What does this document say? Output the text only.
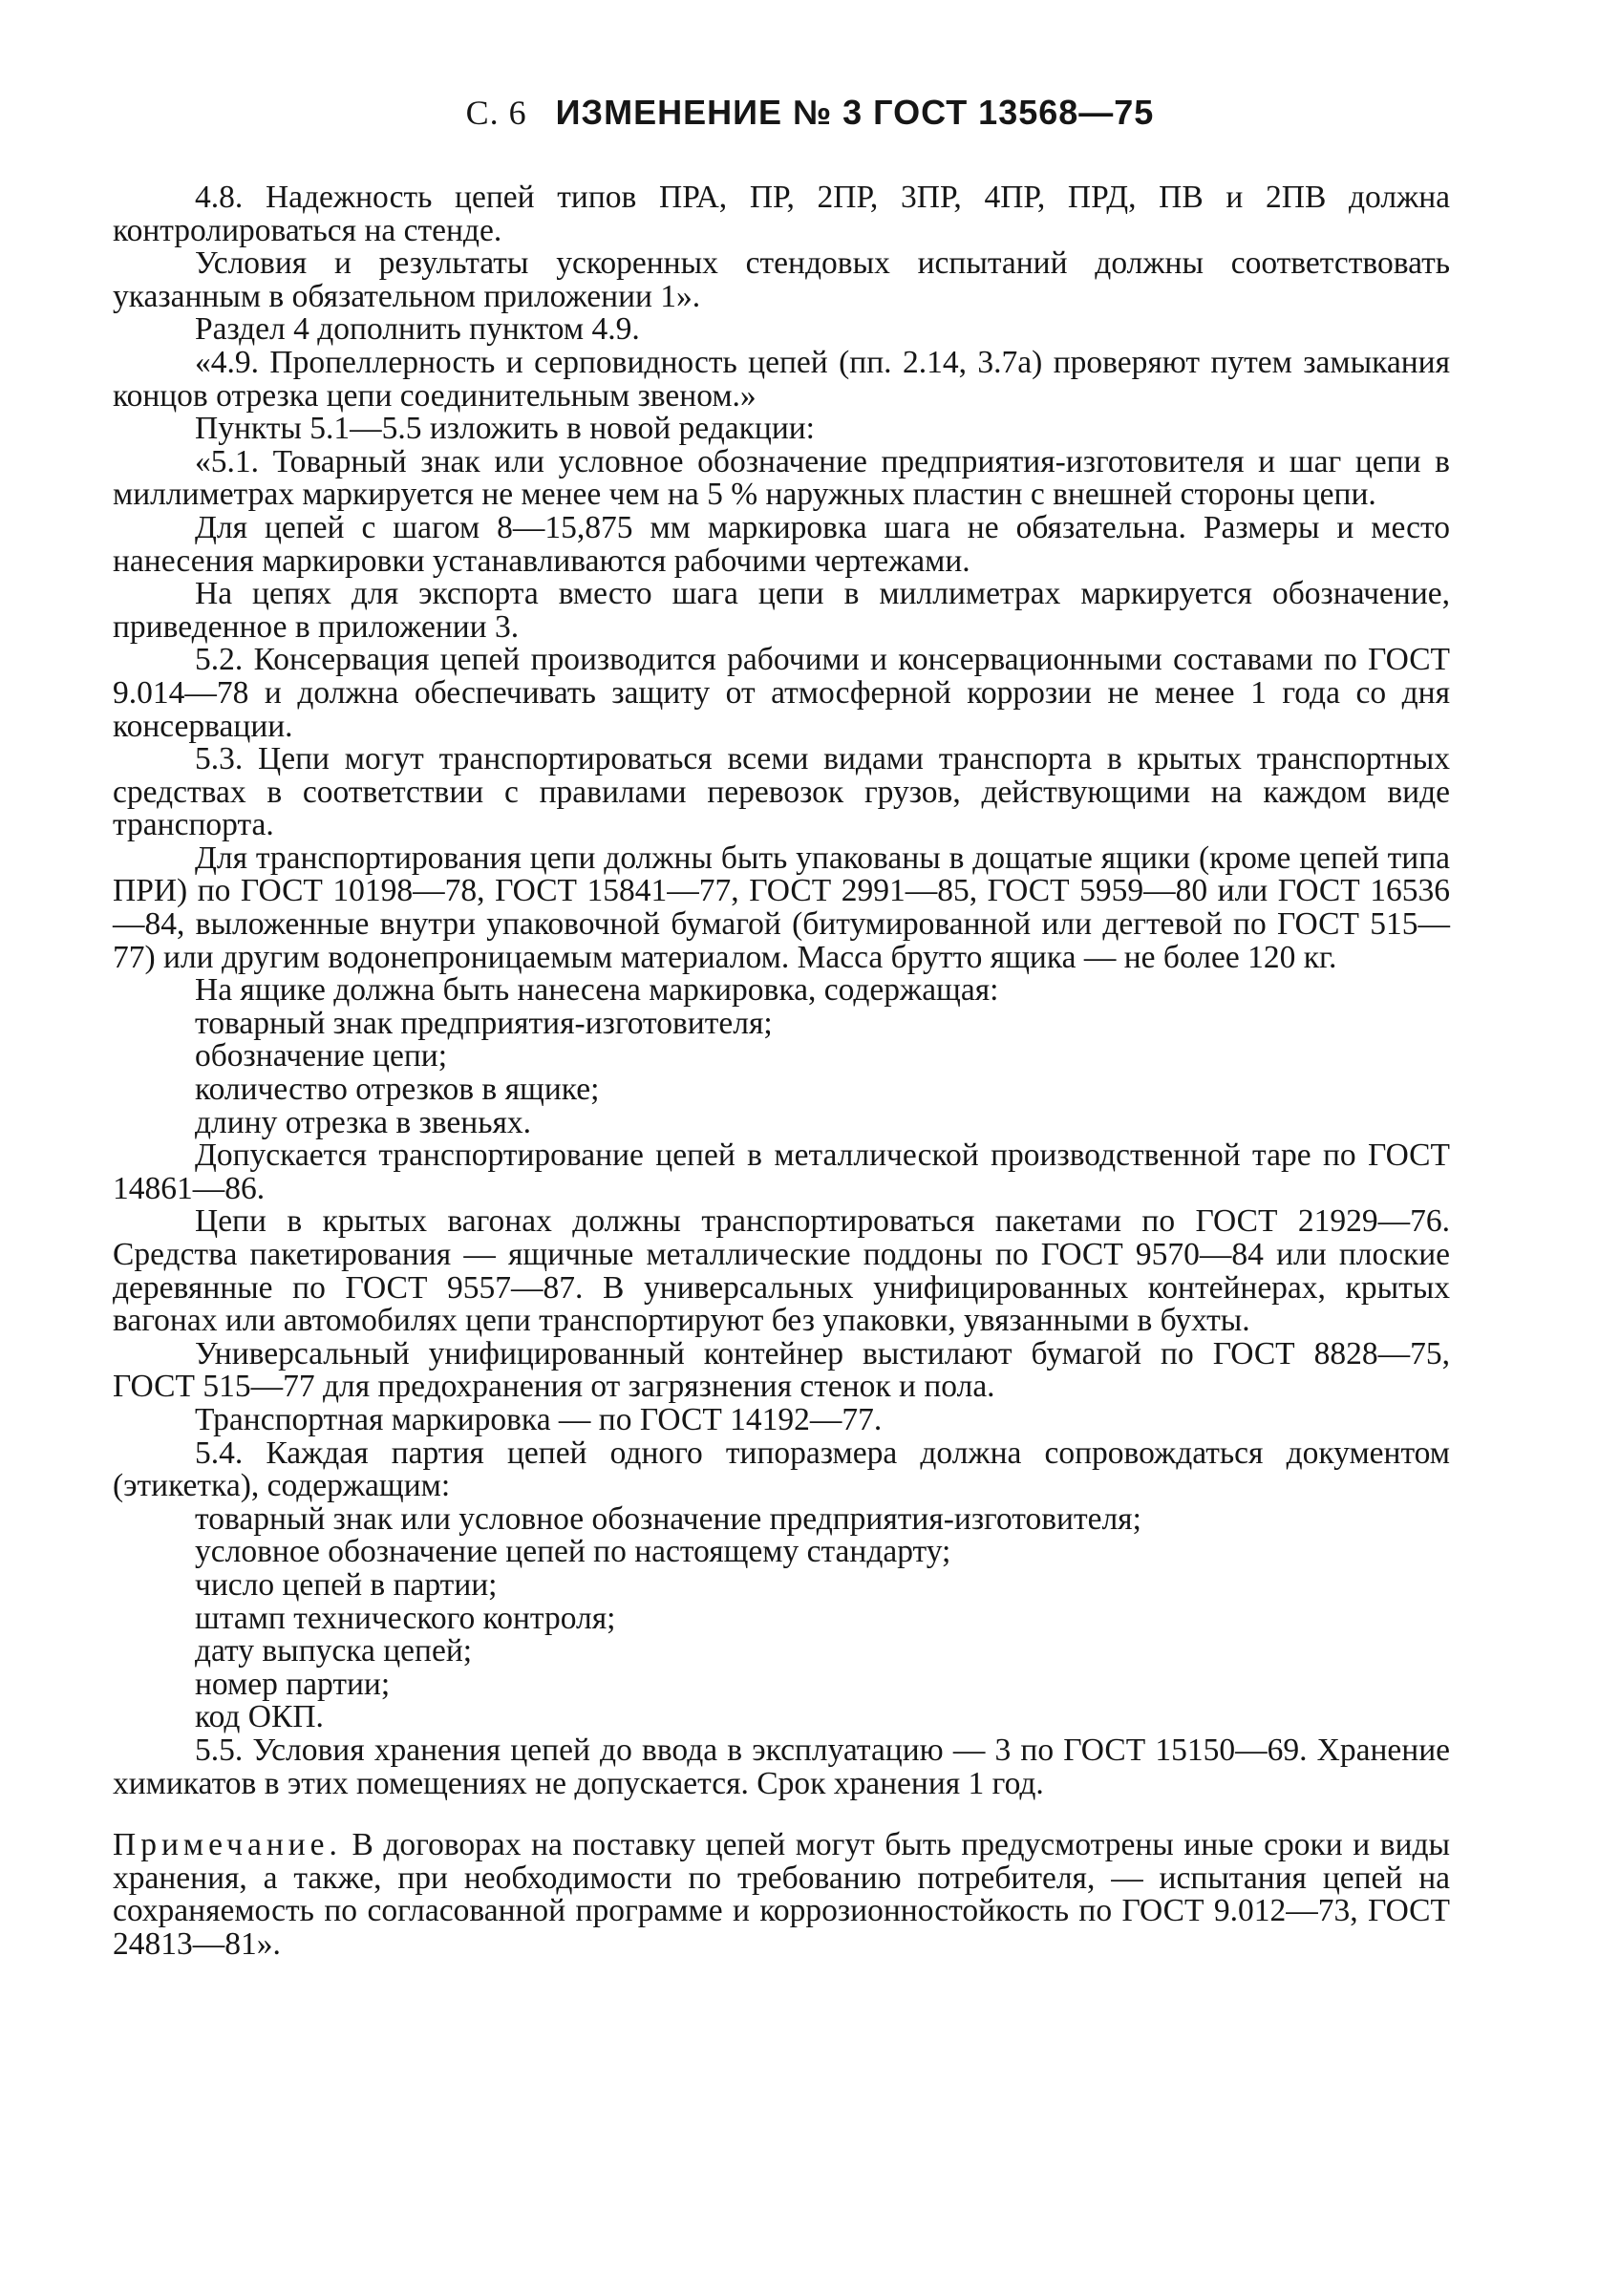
С. 6 ИЗМЕНЕНИЕ № 3 ГОСТ 13568—75

4.8. Надежность цепей типов ПРА, ПР, 2ПР, 3ПР, 4ПР, ПРД, ПВ и 2ПВ должна контролироваться на стенде.

Условия и результаты ускоренных стендовых испытаний должны соответствовать указанным в обязательном приложении 1».

Раздел 4 дополнить пунктом 4.9.

«4.9. Пропеллерность и серповидность цепей (пп. 2.14, 3.7а) проверяют путем замыкания концов отрезка цепи соединительным звеном.»

Пункты 5.1—5.5 изложить в новой редакции:

«5.1. Товарный знак или условное обозначение предприятия-изготовителя и шаг цепи в миллиметрах маркируется не менее чем на 5 % наружных пластин с внешней стороны цепи.

Для цепей с шагом 8—15,875 мм маркировка шага не обязательна. Размеры и место нанесения маркировки устанавливаются рабочими чертежами.

На цепях для экспорта вместо шага цепи в миллиметрах маркируется обозначение, приведенное в приложении 3.

5.2. Консервация цепей производится рабочими и консервационными составами по ГОСТ 9.014—78 и должна обеспечивать защиту от атмосферной коррозии не менее 1 года со дня консервации.

5.3. Цепи могут транспортироваться всеми видами транспорта в крытых транспортных средствах в соответствии с правилами перевозок грузов, действующими на каждом виде транспорта.

Для транспортирования цепи должны быть упакованы в дощатые ящики (кроме цепей типа ПРИ) по ГОСТ 10198—78, ГОСТ 15841—77, ГОСТ 2991—85, ГОСТ 5959—80 или ГОСТ 16536—84, выложенные внутри упаковочной бумагой (битумированной или дегтевой по ГОСТ 515—77) или другим водонепроницаемым материалом. Масса брутто ящика — не более 120 кг.

На ящике должна быть нанесена маркировка, содержащая:

товарный знак предприятия-изготовителя;

обозначение цепи;

количество отрезков в ящике;

длину отрезка в звеньях.

Допускается транспортирование цепей в металлической производственной таре по ГОСТ 14861—86.

Цепи в крытых вагонах должны транспортироваться пакетами по ГОСТ 21929—76. Средства пакетирования — ящичные металлические поддоны по ГОСТ 9570—84 или плоские деревянные по ГОСТ 9557—87. В универсальных унифицированных контейнерах, крытых вагонах или автомобилях цепи транспортируют без упаковки, увязанными в бухты.

Универсальный унифицированный контейнер выстилают бумагой по ГОСТ 8828—75, ГОСТ 515—77 для предохранения от загрязнения стенок и пола.

Транспортная маркировка — по ГОСТ 14192—77.

5.4. Каждая партия цепей одного типоразмера должна сопровождаться документом (этикетка), содержащим:

товарный знак или условное обозначение предприятия-изготовителя;

условное обозначение цепей по настоящему стандарту;

число цепей в партии;

штамп технического контроля;

дату выпуска цепей;

номер партии;

код ОКП.

5.5. Условия хранения цепей до ввода в эксплуатацию — 3 по ГОСТ 15150—69. Хранение химикатов в этих помещениях не допускается. Срок хранения 1 год.

Примечание. В договорах на поставку цепей могут быть предусмотрены иные сроки и виды хранения, а также, при необходимости по требованию потребителя, — испытания цепей на сохраняемость по согласованной программе и коррозионностойкость по ГОСТ 9.012—73, ГОСТ 24813—81».
